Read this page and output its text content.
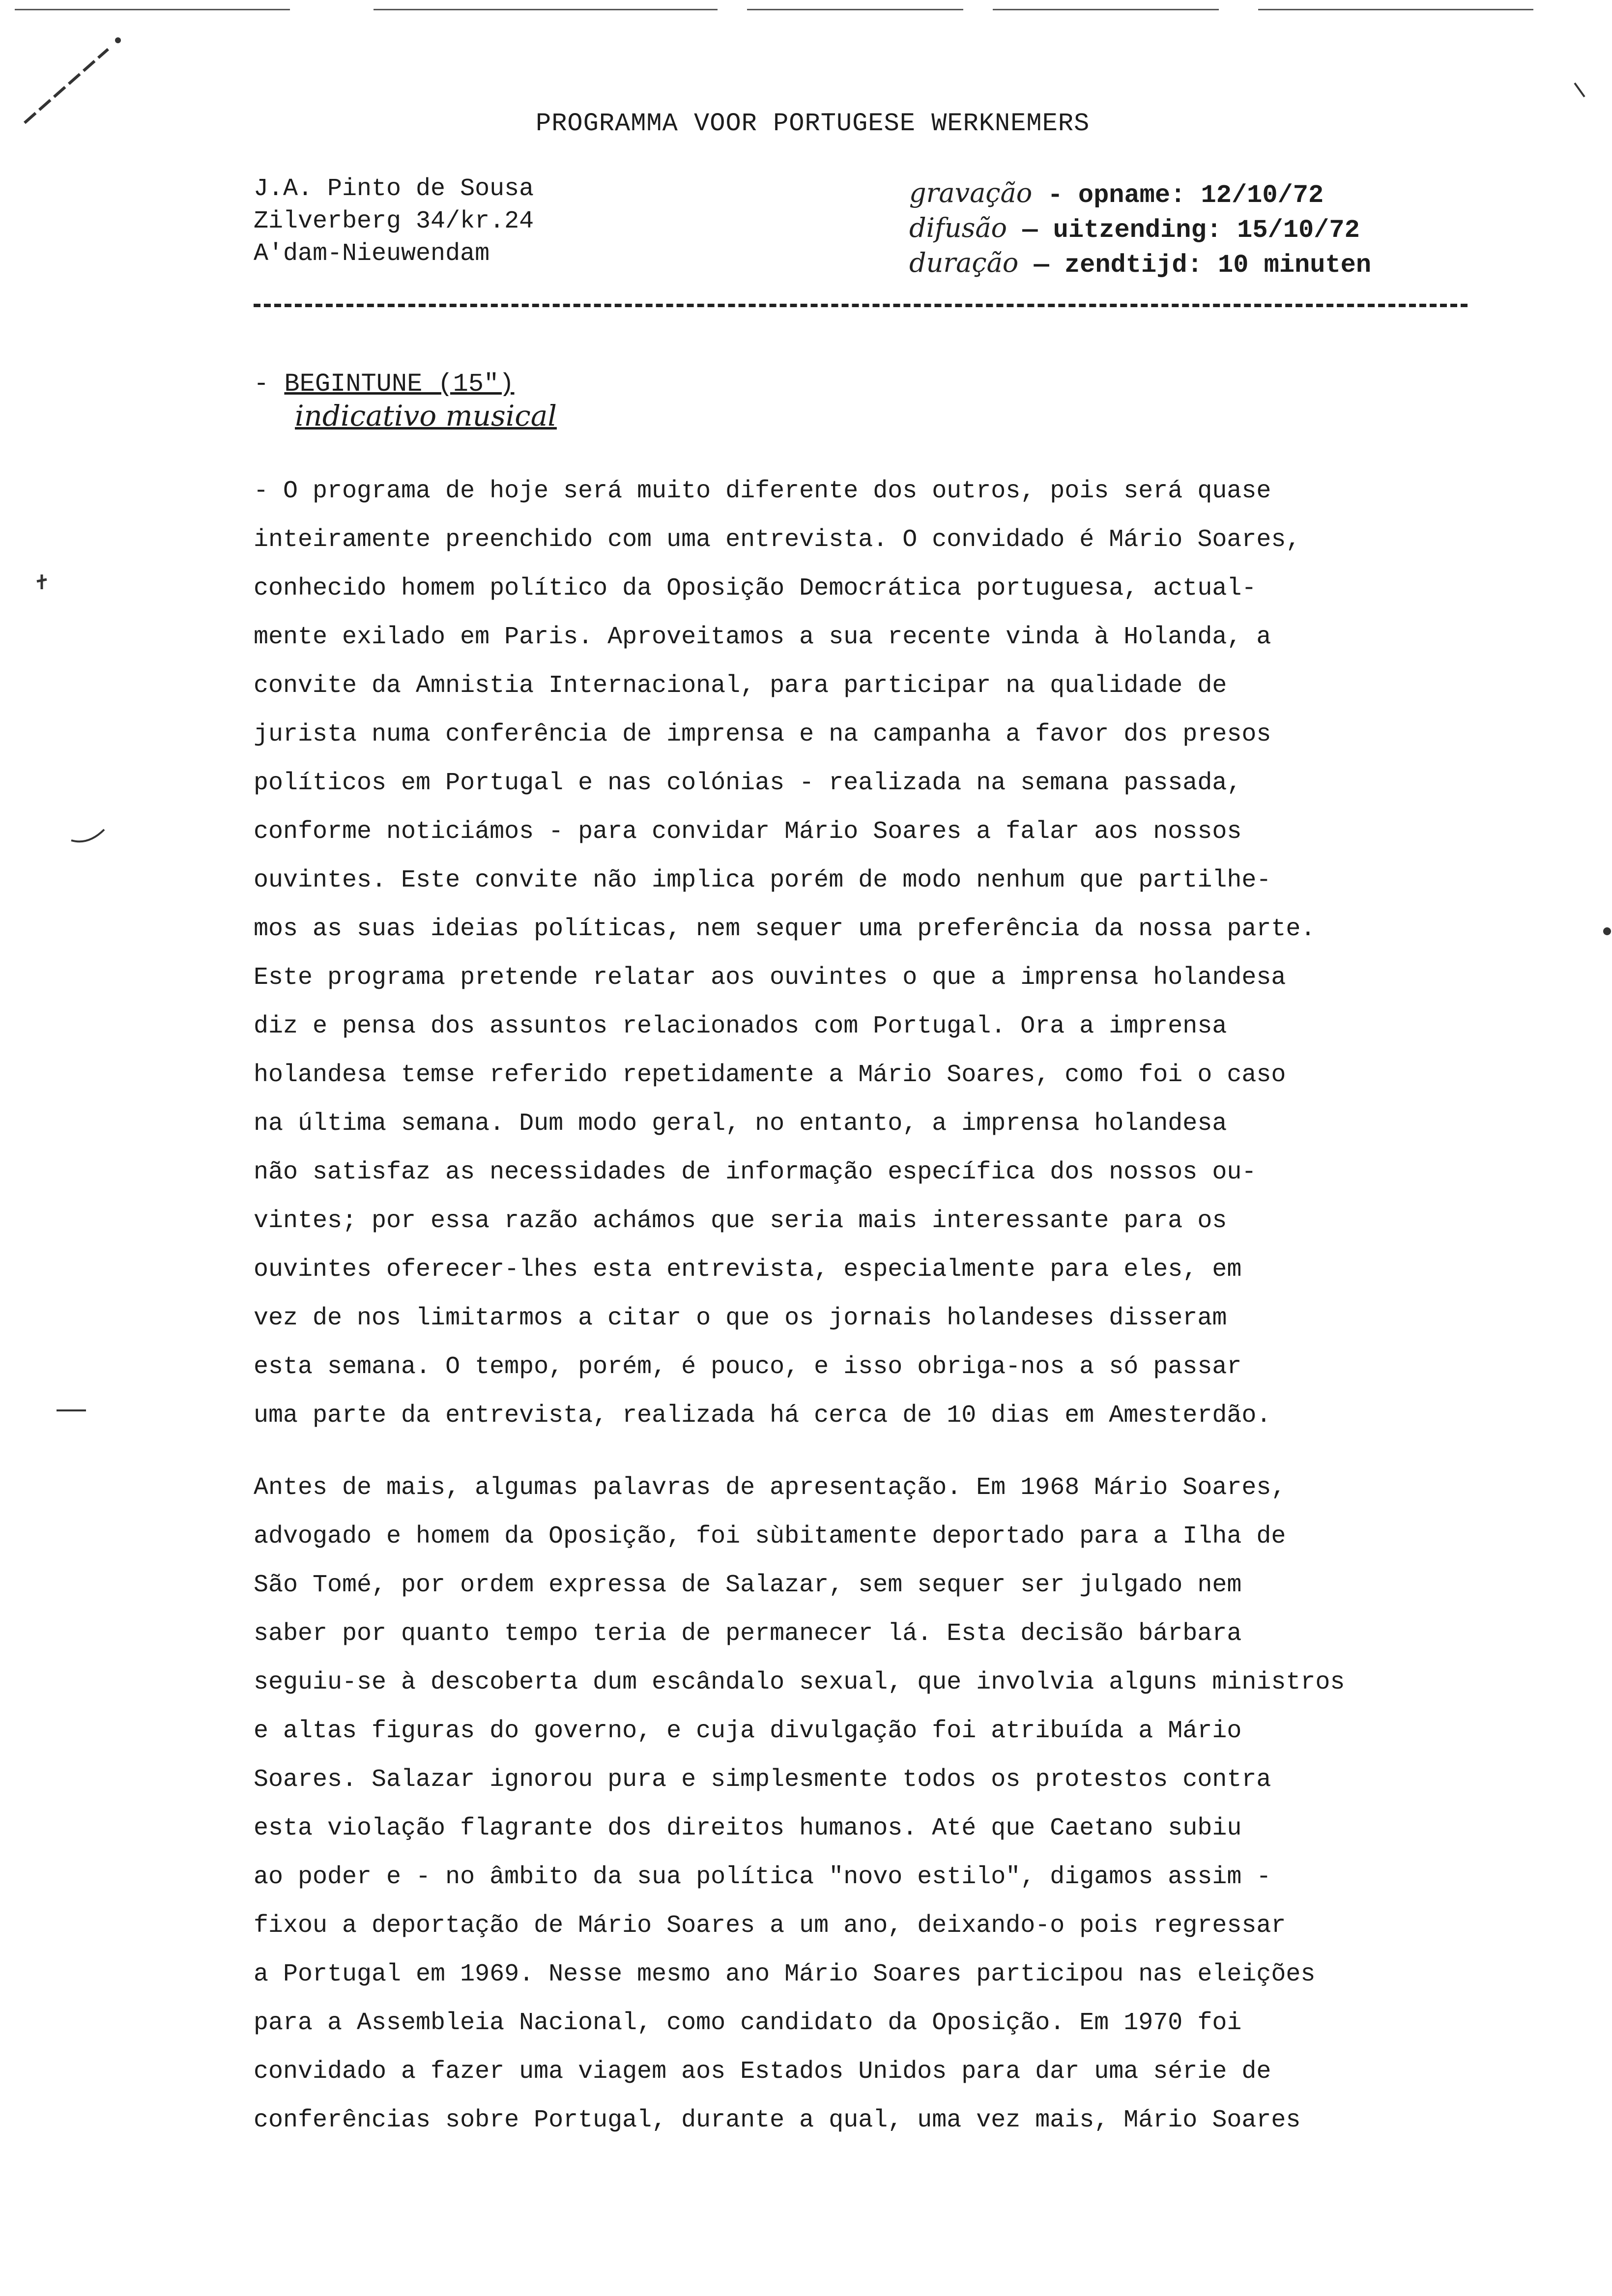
PROGRAMMA VOOR PORTUGESE WERKNEMERS
J.A. Pinto de Sousa
Zilverberg 34/kr.24
A'dam-Nieuwendam
gravação - opname: 12/10/72
difusão — uitzending: 15/10/72
duração — zendtijd: 10 minuten
- BEGINTUNE (15")
indicativo musical
- O programa de hoje será muito diferente dos outros, pois será quase
inteiramente preenchido com uma entrevista. O convidado é Mário Soares,
conhecido homem político da Oposição Democrática portuguesa, actual-
mente exilado em Paris. Aproveitamos a sua recente vinda à Holanda, a
convite da Amnistia Internacional, para participar na qualidade de
jurista numa conferência de imprensa e na campanha a favor dos presos
políticos em Portugal e nas colónias - realizada na semana passada,
conforme noticiámos - para convidar Mário Soares a falar aos nossos
ouvintes. Este convite não implica porém de modo nenhum que partilhe-
mos as suas ideias políticas, nem sequer uma preferência da nossa parte.
Este programa pretende relatar aos ouvintes o que a imprensa holandesa
diz e pensa dos assuntos relacionados com Portugal. Ora a imprensa
holandesa temse referido repetidamente a Mário Soares, como foi o caso
na última semana. Dum modo geral, no entanto, a imprensa holandesa
não satisfaz as necessidades de informação específica dos nossos ou-
vintes; por essa razão achámos que seria mais interessante para os
ouvintes oferecer-lhes esta entrevista, especialmente para eles, em
vez de nos limitarmos a citar o que os jornais holandeses disseram
esta semana. O tempo, porém, é pouco, e isso obriga-nos a só passar
uma parte da entrevista, realizada há cerca de 10 dias em Amesterdão.
Antes de mais, algumas palavras de apresentação. Em 1968 Mário Soares,
advogado e homem da Oposição, foi sùbitamente deportado para a Ilha de
São Tomé, por ordem expressa de Salazar, sem sequer ser julgado nem
saber por quanto tempo teria de permanecer lá. Esta decisão bárbara
seguiu-se à descoberta dum escândalo sexual, que involvia alguns ministros
e altas figuras do governo, e cuja divulgação foi atribuída a Mário
Soares. Salazar ignorou pura e simplesmente todos os protestos contra
esta violação flagrante dos direitos humanos. Até que Caetano subiu
ao poder e - no âmbito da sua política "novo estilo", digamos assim -
fixou a deportação de Mário Soares a um ano, deixando-o pois regressar
a Portugal em 1969. Nesse mesmo ano Mário Soares participou nas eleições
para a Assembleia Nacional, como candidato da Oposição. Em 1970 foi
convidado a fazer uma viagem aos Estados Unidos para dar uma série de
conferências sobre Portugal, durante a qual, uma vez mais, Mário Soares
